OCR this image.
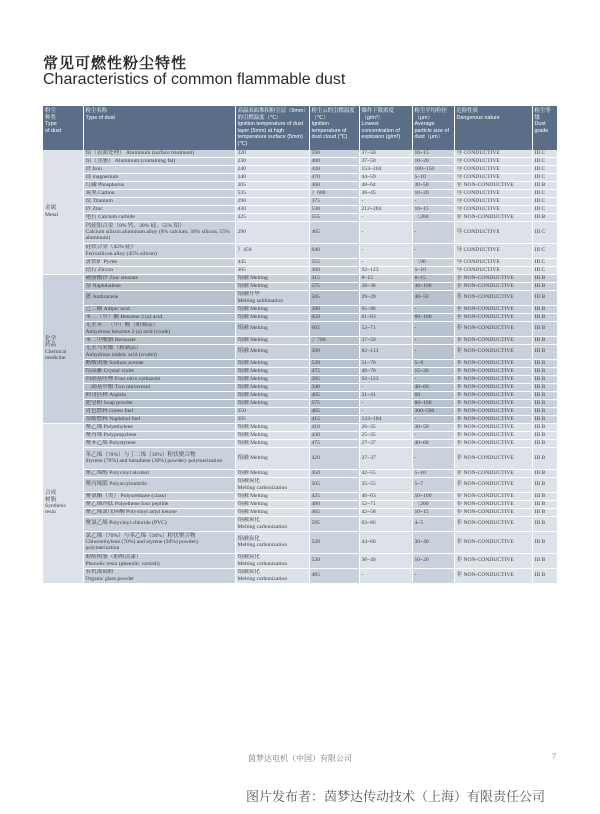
常见可燃性粉尘特性
Characteristics of common flammable dust
粉尘
种类
Type
of dust	粉尘名称
Type of dust	高温表面堆积粉尘层（5mm）的引燃温度（℃）
Ignition temperature of dust layer (5mm) at high temperature surface (5mm) (℃)	粉尘云的引燃温度（℃）
Ignition temperature of dust cloud (℃)	爆炸下限浓度（g/m³）
Lowest concentration of explosion (g/m³)	粉尘平均粒径（μm）
Average particle size of dust（μm）	危险性质
Dangerous nature	粉尘等级
Dust grade
金属
Metal	铝（表面处理） Aluminum (surface treatment)	320	590	37~50	10~15	导 CONDUCTIVE	III C
	铝（含脂） Aluminum (containing fat)	230	400	37~50	10~20	导 CONDUCTIVE	III C
	铁 Iron	240	430	153~204	100~150	导 CONDUCTIVE	III C
	镁 magnesium	340	470	44~59	5~10	导 CONDUCTIVE	III C
	红磷 Phosphorus	305	360	48~64	30~50	非 NON-CONDUCTIVE	III B
	炭黑 Carbon	535	）600	36~45	10~20	导 CONDUCTIVE	III C
	钛 Titanium	290	375	-	-	导 CONDUCTIVE	III C
	锌 Zinc	430	530	212~284	10~15	导 CONDUCTIVE	III C
	电石 Calcium carbide	325	555	-	〈200	非 NON-CONDUCTIVE	III B
	钙硅铝合金（8% 钙、30% 硅、55% 铝）
Calcium silicon aluminum alloy (8% calcium, 30% silicon, 55% aluminum)	290	465	-	-	导 CONDUCTIVE	III C
	硅铁合金（45% 硅）
Ferrosilicon alloy (45% silicon)	）450	640	-	-	导 CONDUCTIVE	III C
	黄铁矿 Pyrite	445	555	-	〈90	导 CONDUCTIVE	III C
	锆石 Zircon	305	360	92~123	5~10	导 CONDUCTIVE	III C
化学
药品
Chemical
medicine	硬脂酸锌 Zinc stearate	熔融 Melting	315	8~15	8~15	非 NON-CONDUCTIVE	III B
	萘 Naphthalene	熔融 Melting	575	28~38	30~100	非 NON-CONDUCTIVE	III B
	蒽 Anthracene	熔融升华
Melting sublimation	505	29~39	40~50	非 NON-CONDUCTIVE	III B
	己二酸 Adipic acid	熔融 Melting	580	65~90	-	非 NON-CONDUCTIVE	III B
	苯二（甲）酸 Benzene 2 (a) acid	熔融 Melting	650	61~83	80~100	非 NON-CONDUCTIVE	III B
	无水苯二（甲）酸（粗制品）
Anhydrous benzene 2 (a) acid (crude)	熔融 Melting	605	52~71	-	非 NON-CONDUCTIVE	III B
	苯二甲酸脂 Benzoate	熔融 Melting	）700	37~50	-	非 NON-CONDUCTIVE	III B
	无水马来酸（粗制品）
Anhydrous maleic acid (crude))	熔融 Melting	500	82~113	-	非 NON-CONDUCTIVE	III B
	醋酸钠脂 Sodium acetate	熔融 Melting	520	51~70	5~8	非 NON-CONDUCTIVE	III B
	结晶紫 Crystal violet	熔融 Melting	475	46~70	15~30	非 NON-CONDUCTIVE	III B
	四硝基咔唑 Four nitro carbazole	熔融 Melting	395	92~123	-	非 NON-CONDUCTIVE	III B
	二硝基甲酚 Two nitrocresol	熔融 Melting	340	-	40~60	非 NON-CONDUCTIVE	III B
	阿司匹林 Aspirin	熔融 Melting	405	31~41	60	非 NON-CONDUCTIVE	III B
	肥皂粉 Soap powder	熔融 Melting	575	-	80~100	非 NON-CONDUCTIVE	III B
	青色燃料 Green fuel	350	465	-	300~500	非 NON-CONDUCTIVE	III B
	萘酚燃料 Naphthol fuel	395	415	133~184	-	非 NON-CONDUCTIVE	III B
合成
树脂
Synthetic
resin	聚乙烯 Polyethylene	熔融 Melting	410	26~35	30~50	非 NON-CONDUCTIVE	III B
	聚丙烯 Polypropylene	熔融 Melting	430	25~35	-	非 NON-CONDUCTIVE	III B
	聚苯乙烯 Polystyrene	熔融 Melting	475	27~37	40~60	非 NON-CONDUCTIVE	III B
	苯乙烯（70%）与丁二烯（30%）粉状聚合物
Styrene (70%) and butadiene (30%) powdery polymerization	熔融 Melting	420	27~37	-	非 NON-CONDUCTIVE	III B
	聚乙烯醇 Polyvinyl alcohol	熔融 Melting	450	42~55	5~10	非 NON-CONDUCTIVE	III B
	聚丙烯腈 Polyacrylonitrile	熔融炭化
Melting carbonization	505	35~55	5~7	非 NON-CONDUCTIVE	III B
	聚氨酯（类） Polyurethane (class)	熔融 Melting	425	46~63	50~100	非 NON-CONDUCTIVE	III B
	聚乙烯四肽 Polyethene four peptide	熔融 Melting	480	52~71	〈200	非 NON-CONDUCTIVE	III B
	聚乙烯氮戊环酮 Polyvinyl amyl ketone	熔融 Melting	465	42~58	10~15	非 NON-CONDUCTIVE	III B
	聚氯乙烯 Polyvinyl chloride (PVC)	熔融炭化
Melting carbonization	595	63~86	4~5	非 NON-CONDUCTIVE	III B
	氯乙烯（70%）与苯乙烯（30%）粉状聚合物
Chloroethylene (70%) and styrene (30%) powdery polymerization	熔融炭化
Melting carbonization	520	44~60	30~40	非 NON-CONDUCTIVE	III B
	酚醛树脂（酚醛清漆）
Phenolic resin (phenolic varnish)	熔融炭化
Melting carbonization	520	36~40	10~20	非 NON-CONDUCTIVE	III B
	有机玻璃粉
Organic glass powder	熔融炭化
Melting carbonization	485	-	-	非 NON-CONDUCTIVE	III B
茵梦达电机（中国）有限公司	7
图片发布者：茵梦达传动技术（上海）有限责任公司
